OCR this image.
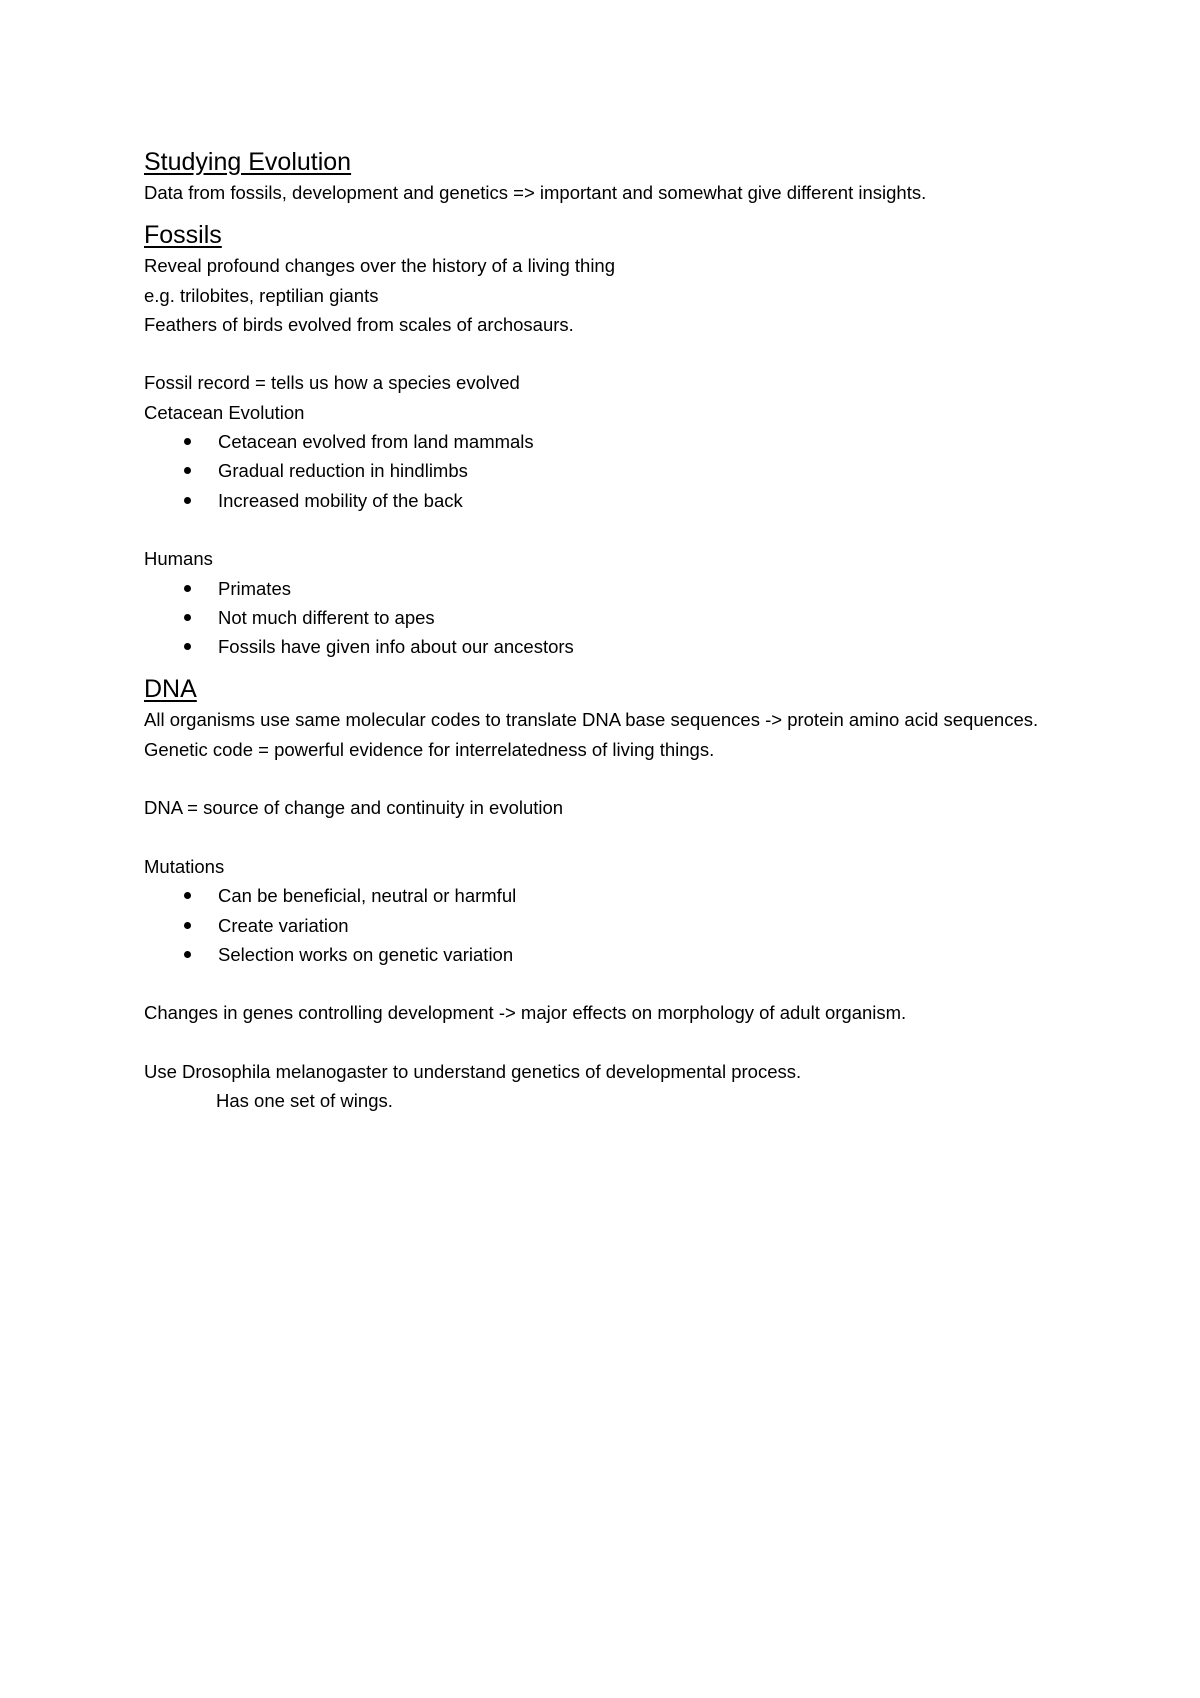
Studying Evolution

Data from fossils, development and genetics => important and somewhat give different insights.

Fossils

Reveal profound changes over the history of a living thing

e.g. trilobites, reptilian giants

Feathers of birds evolved from scales of archosaurs.

Fossil record = tells us how a species evolved

Cetacean Evolution

Cetacean evolved from land mammals
Gradual reduction in hindlimbs
Increased mobility of the back

Humans

Primates
Not much different to apes
Fossils have given info about our ancestors
DNA

All organisms use same molecular codes to translate DNA base sequences -> protein amino acid sequences.

Genetic code = powerful evidence for interrelatedness of living things.

DNA = source of change and continuity in evolution

Mutations

Can be beneficial, neutral or harmful
Create variation
Selection works on genetic variation

Changes in genes controlling development -> major effects on morphology of adult organism.

Use Drosophila melanogaster to understand genetics of developmental process.

Has one set of wings.
